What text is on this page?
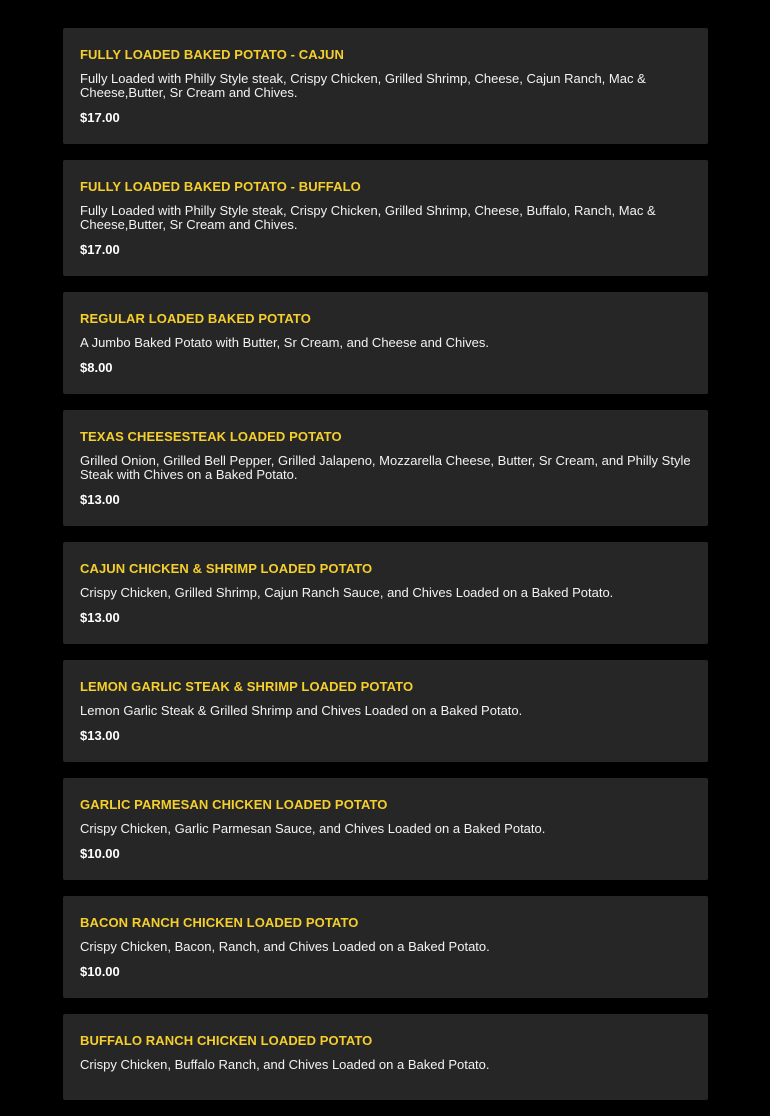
FULLY LOADED BAKED POTATO - CAJUN
Fully Loaded with Philly Style steak, Crispy Chicken, Grilled Shrimp, Cheese, Cajun Ranch, Mac & Cheese,Butter, Sr Cream and Chives.
$17.00
FULLY LOADED BAKED POTATO - BUFFALO
Fully Loaded with Philly Style steak, Crispy Chicken, Grilled Shrimp, Cheese, Buffalo, Ranch, Mac & Cheese,Butter, Sr Cream and Chives.
$17.00
REGULAR LOADED BAKED POTATO
A Jumbo Baked Potato with Butter, Sr Cream, and Cheese and Chives.
$8.00
TEXAS CHEESESTEAK LOADED POTATO
Grilled Onion, Grilled Bell Pepper, Grilled Jalapeno, Mozzarella Cheese, Butter, Sr Cream, and Philly Style Steak with Chives on a Baked Potato.
$13.00
CAJUN CHICKEN & SHRIMP LOADED POTATO
Crispy Chicken, Grilled Shrimp, Cajun Ranch Sauce, and Chives Loaded on a Baked Potato.
$13.00
LEMON GARLIC STEAK & SHRIMP LOADED POTATO
Lemon Garlic Steak & Grilled Shrimp and Chives Loaded on a Baked Potato.
$13.00
GARLIC PARMESAN CHICKEN LOADED POTATO
Crispy Chicken, Garlic Parmesan Sauce, and Chives Loaded on a Baked Potato.
$10.00
BACON RANCH CHICKEN LOADED POTATO
Crispy Chicken, Bacon, Ranch, and Chives Loaded on a Baked Potato.
$10.00
BUFFALO RANCH CHICKEN LOADED POTATO
Crispy Chicken, Buffalo Ranch, and Chives Loaded on a Baked Potato.
